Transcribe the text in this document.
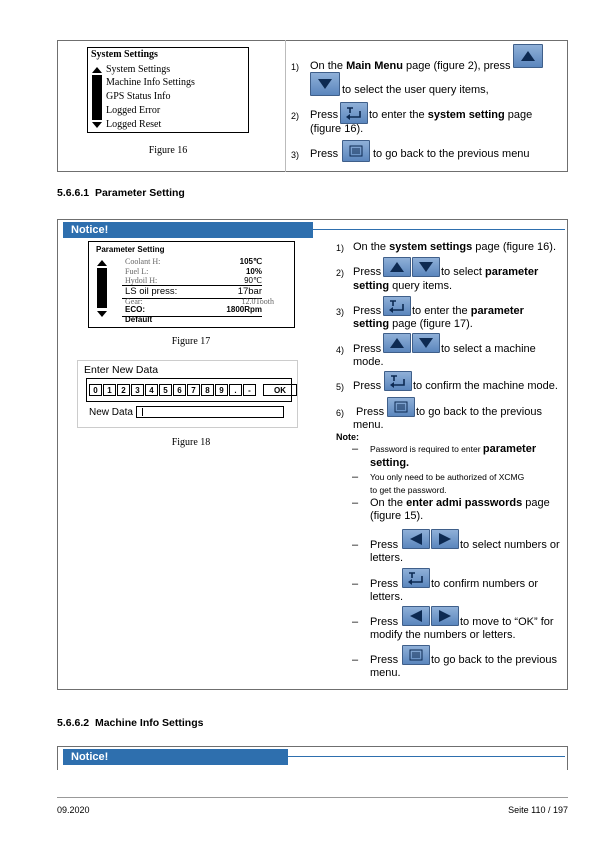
System Settings
System Settings
Machine Info Settings
GPS Status Info
Logged Error
Logged Reset
Figure 16
1) On the Main Menu page (figure 2), press
to select the user query items,
2) Press	to enter the system setting page
(figure 16).
3) Press	to go back to the previous menu
5.6.6.1 Parameter Setting
Notice!
Parameter Setting
Coolant H:	105℃
Fuel L:	10%
Hydoil H:	90℃
LS oil press:	17bar
Gear:	12.0Tooth
ECO:	1800Rpm
Default
Figure 17
Enter New Data
0	1	2	3	4	5	6	7	8	9	.	-	OK
New Data
Figure 18
1) On the system settings page (figure 16).
2) Press	to select parameter
setting query items.
3) Press	to enter the parameter
setting page (figure 17).
4) Press	to select a machine
mode.
5) Press	to confirm the machine mode.
6) Press	to go back to the previous
menu.
Note:
– Password is required to enter parameter
setting.
– You only need to be authorized of XCMG
to get the password.
– On the enter admi passwords page
(figure 15).
– Press	to select numbers or
letters.
– Press	to confirm numbers or
letters.
– Press	to move to “OK” for
modify the numbers or letters.
– Press	to go back to the previous
menu.
5.6.6.2 Machine Info Settings
Notice!
09.2020	Seite 110 / 197
